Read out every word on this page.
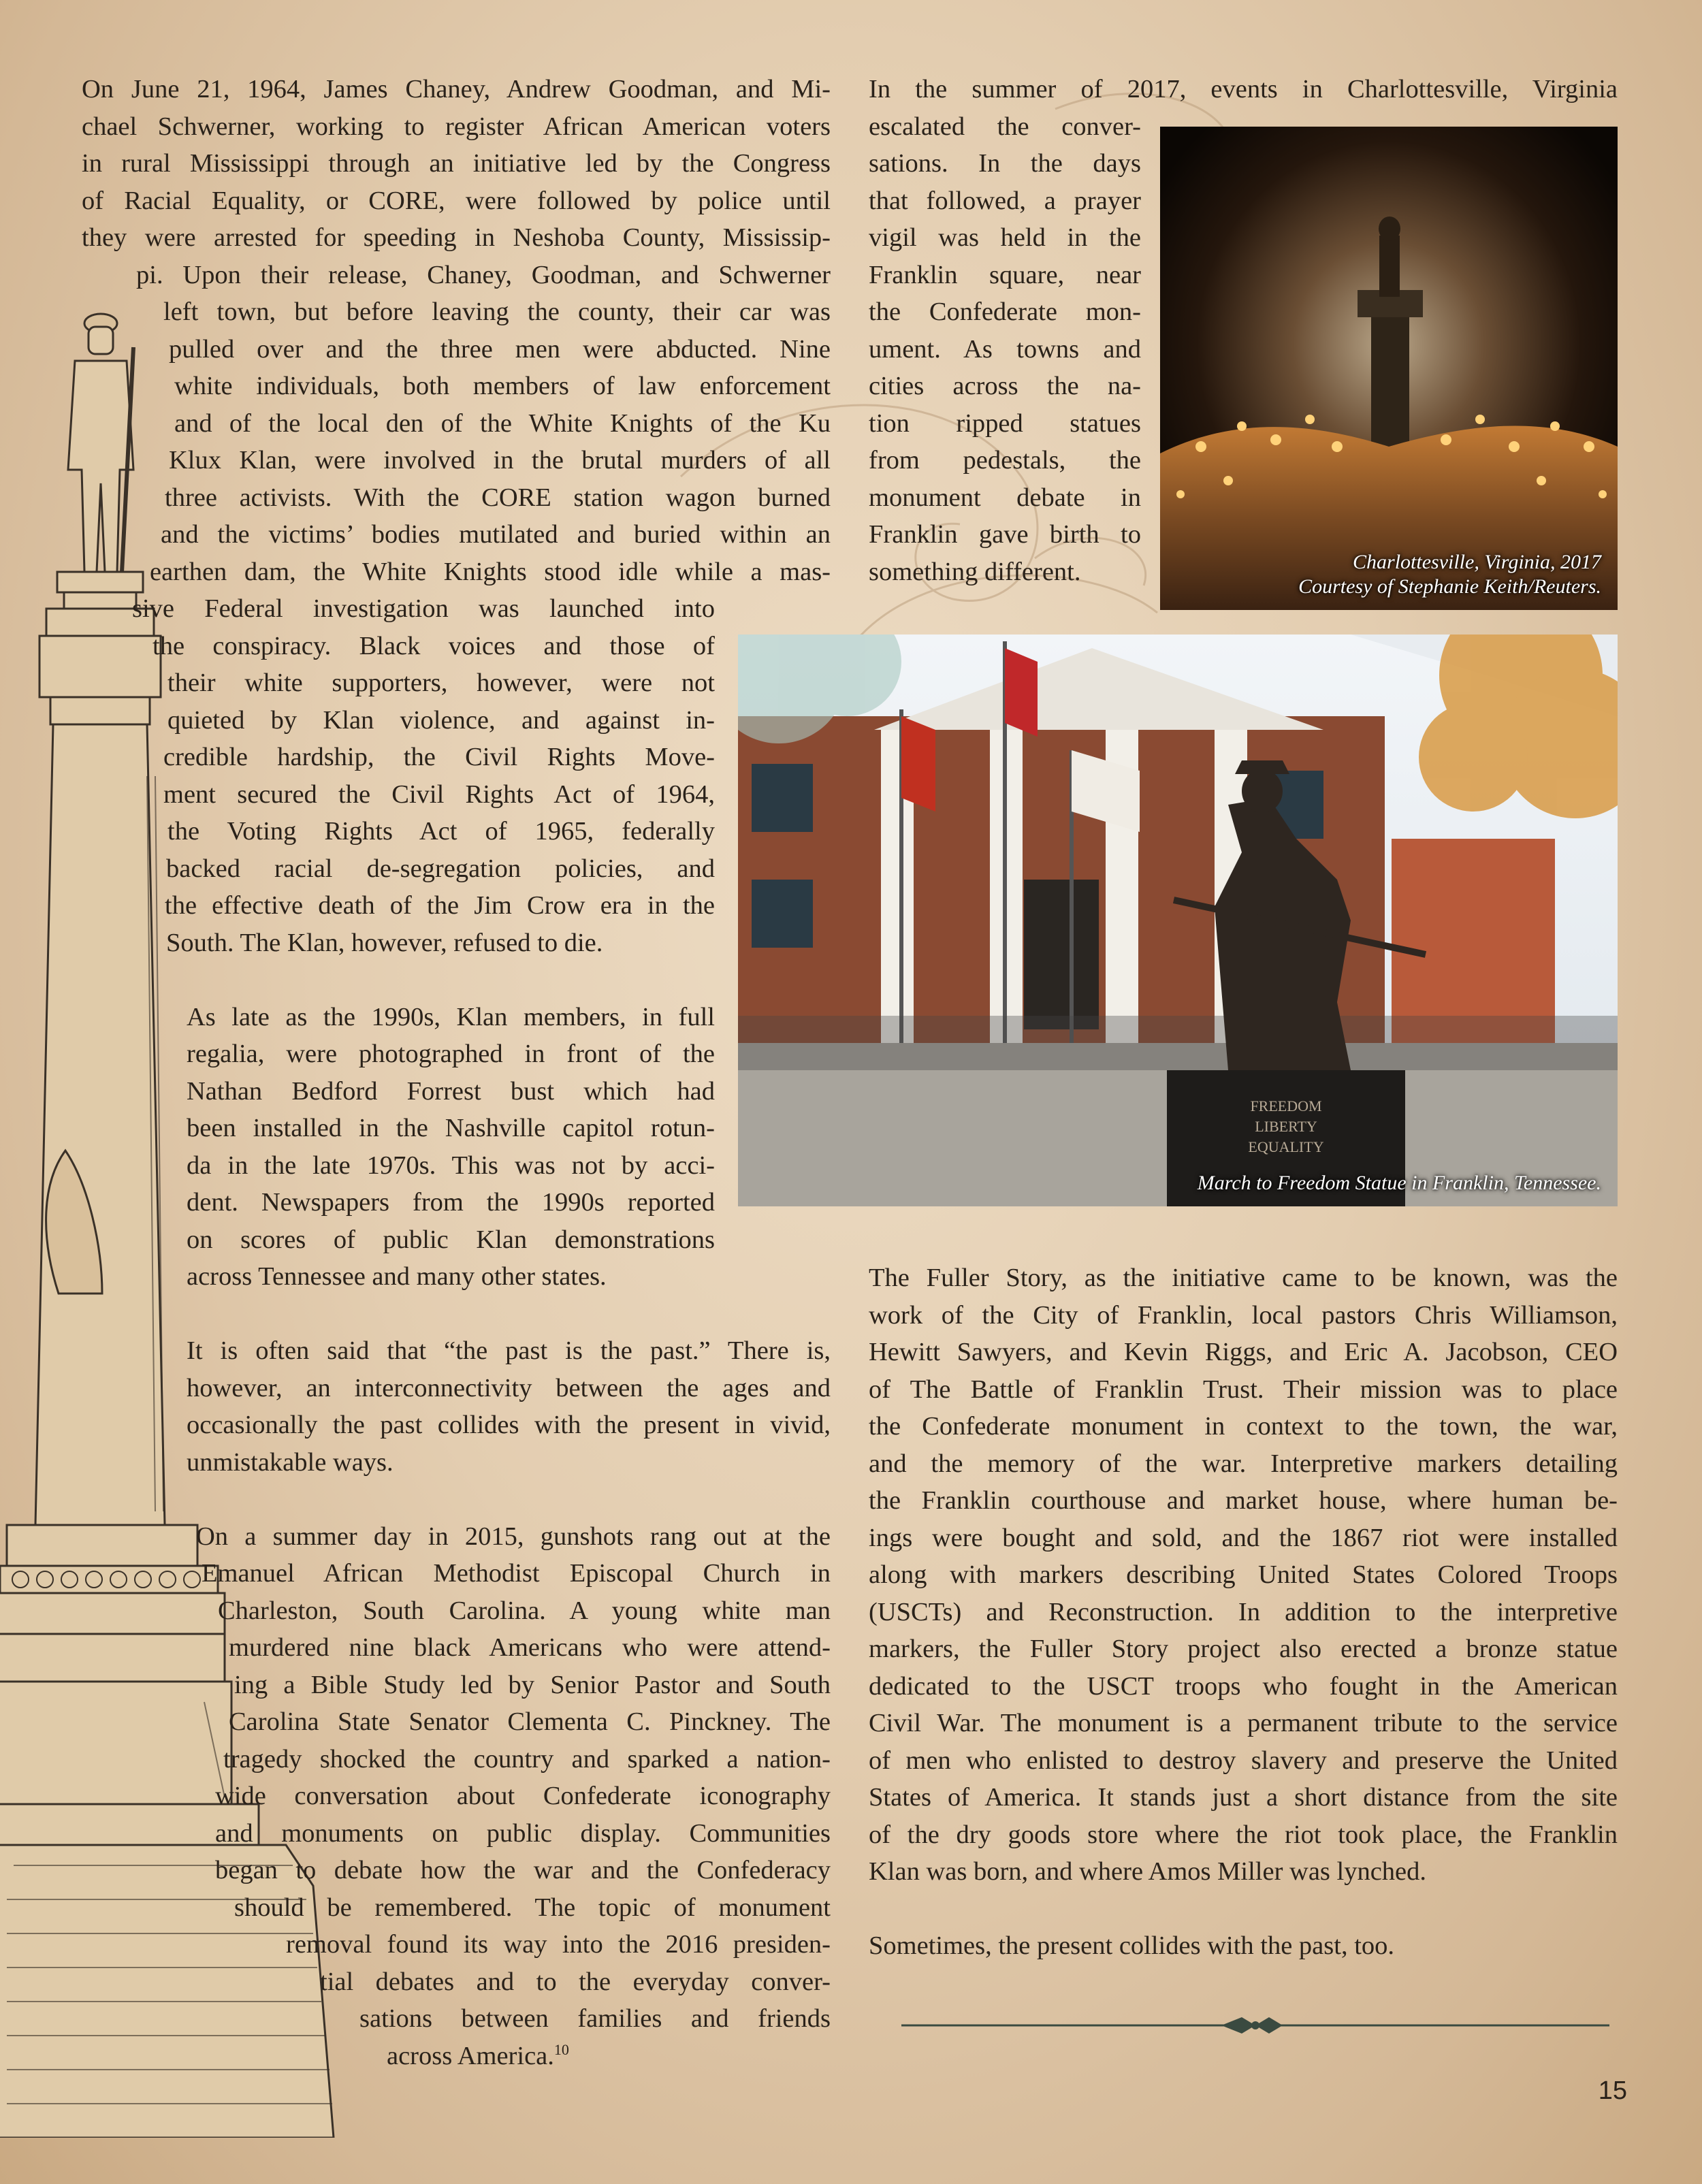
On June 21, 1964, James Chaney, Andrew Goodman, and Mi-
chael Schwerner, working to register African American voters
in rural Mississippi through an initiative led by the Congress
of Racial Equality, or CORE, were followed by police until
they were arrested for speeding in Neshoba County, Mississip-
pi. Upon their release, Chaney, Goodman, and Schwerner
left town, but before leaving the county, their car was
pulled over and the three men were abducted. Nine
white individuals, both members of law enforcement
and of the local den of the White Knights of the Ku
Klux Klan, were involved in the brutal murders of all
three activists. With the CORE station wagon burned
and the victims’ bodies mutilated and buried within an
earthen dam, the White Knights stood idle while a mas-
sive Federal investigation was launched into
the conspiracy. Black voices and those of
their white supporters, however, were not
quieted by Klan violence, and against in-
credible hardship, the Civil Rights Move-
ment secured the Civil Rights Act of 1964,
the Voting Rights Act of 1965, federally
backed racial de-segregation policies, and
the effective death of the Jim Crow era in the
South. The Klan, however, refused to die.

As late as the 1990s, Klan members, in full
regalia, were photographed in front of the
Nathan Bedford Forrest bust which had
been installed in the Nashville capitol rotun-
da in the late 1970s. This was not by acci-
dent. Newspapers from the 1990s reported
on scores of public Klan demonstrations
across Tennessee and many other states.

It is often said that “the past is the past.” There is,
however, an interconnectivity between the ages and
occasionally the past collides with the present in vivid,
unmistakable ways.

On a summer day in 2015, gunshots rang out at the
Emanuel African Methodist Episcopal Church in
Charleston, South Carolina. A young white man
murdered nine black Americans who were attend-
ing a Bible Study led by Senior Pastor and South
Carolina State Senator Clementa C. Pinckney. The
tragedy shocked the country and sparked a nation-
wide conversation about Confederate iconography
and monuments on public display. Communities
began to debate how the war and the Confederacy
should be remembered. The topic of monument
removal found its way into the 2016 presiden-
tial debates and to the everyday conver-
sations between families and friends
across America.$^{10}$

In the summer of 2017, events in Charlottesville, Virginia
escalated the conver-
sations. In the days
that followed, a prayer
vigil was held in the
Franklin square, near
the Confederate mon-
ument. As towns and
cities across the na-
tion ripped statues
from pedestals, the
monument debate in
Franklin gave birth to
something different.	Charlottesville, Virginia, 2017
Courtesy of Stephanie Keith/Reuters.
FREEDOM
LIBERTY
EQUALITY
March to Freedom Statue in Franklin, Tennessee.

The Fuller Story, as the initiative came to be known, was the
work of the City of Franklin, local pastors Chris Williamson,
Hewitt Sawyers, and Kevin Riggs, and Eric A. Jacobson, CEO
of The Battle of Franklin Trust. Their mission was to place
the Confederate monument in context to the town, the war,
and the memory of the war. Interpretive markers detailing
the Franklin courthouse and market house, where human be-
ings were bought and sold, and the 1867 riot were installed
along with markers describing United States Colored Troops
(USCTs) and Reconstruction. In addition to the interpretive
markers, the Fuller Story project also erected a bronze statue
dedicated to the USCT troops who fought in the American
Civil War. The monument is a permanent tribute to the service
of men who enlisted to destroy slavery and preserve the United
States of America. It stands just a short distance from the site
of the dry goods store where the riot took place, the Franklin
Klan was born, and where Amos Miller was lynched.

Sometimes, the present collides with the past, too.

15
